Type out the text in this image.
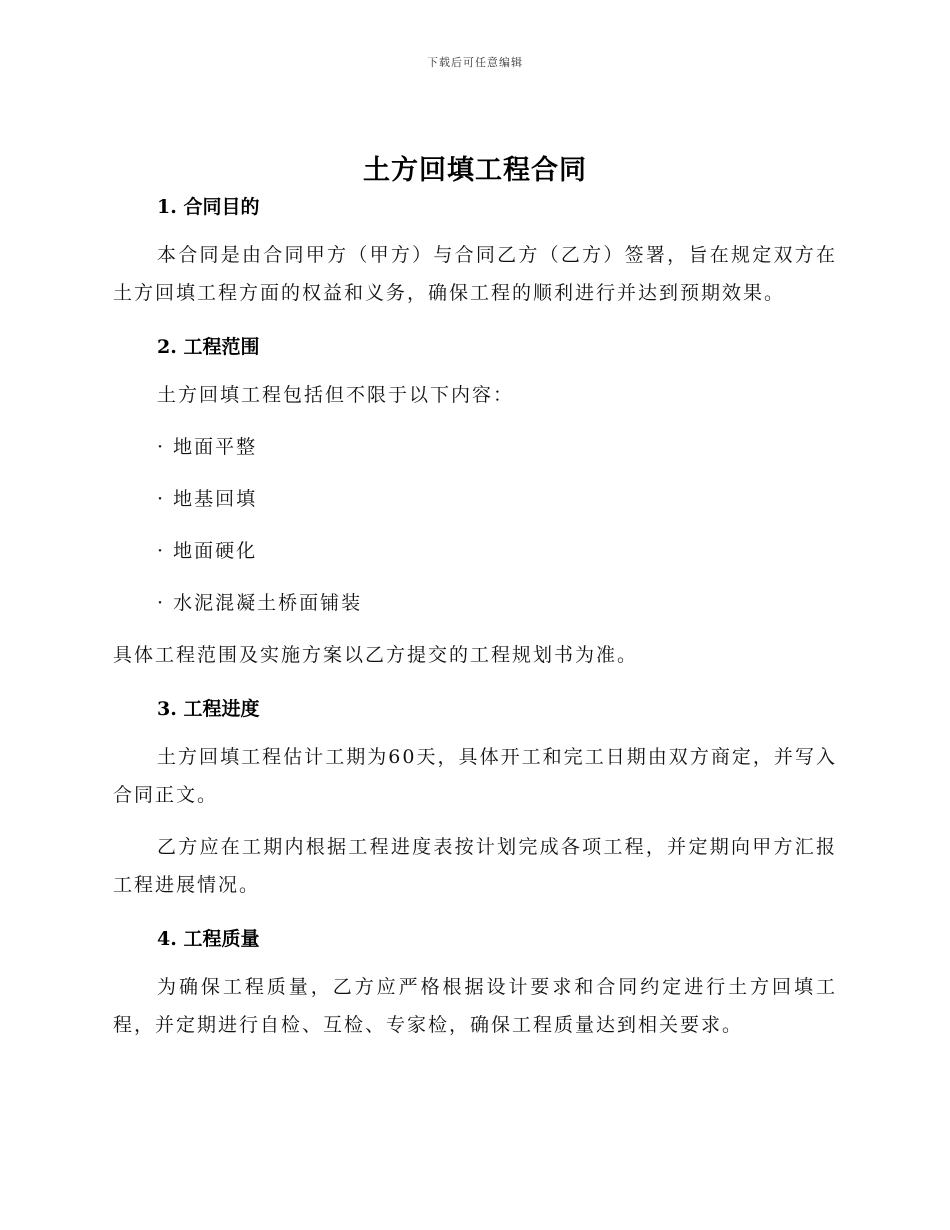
下载后可任意编辑
土方回填工程合同
1. 合同目的

本合同是由合同甲方（甲方）与合同乙方（乙方）签署，旨在规定双方在土方回填工程方面的权益和义务，确保工程的顺利进行并达到预期效果。

2. 工程范围

土方回填工程包括但不限于以下内容：

· 地面平整

· 地基回填

· 地面硬化

· 水泥混凝土桥面铺装

具体工程范围及实施方案以乙方提交的工程规划书为准。

3. 工程进度

土方回填工程估计工期为60天，具体开工和完工日期由双方商定，并写入合同正文。

乙方应在工期内根据工程进度表按计划完成各项工程，并定期向甲方汇报工程进展情况。

4. 工程质量

为确保工程质量，乙方应严格根据设计要求和合同约定进行土方回填工程，并定期进行自检、互检、专家检，确保工程质量达到相关要求。
